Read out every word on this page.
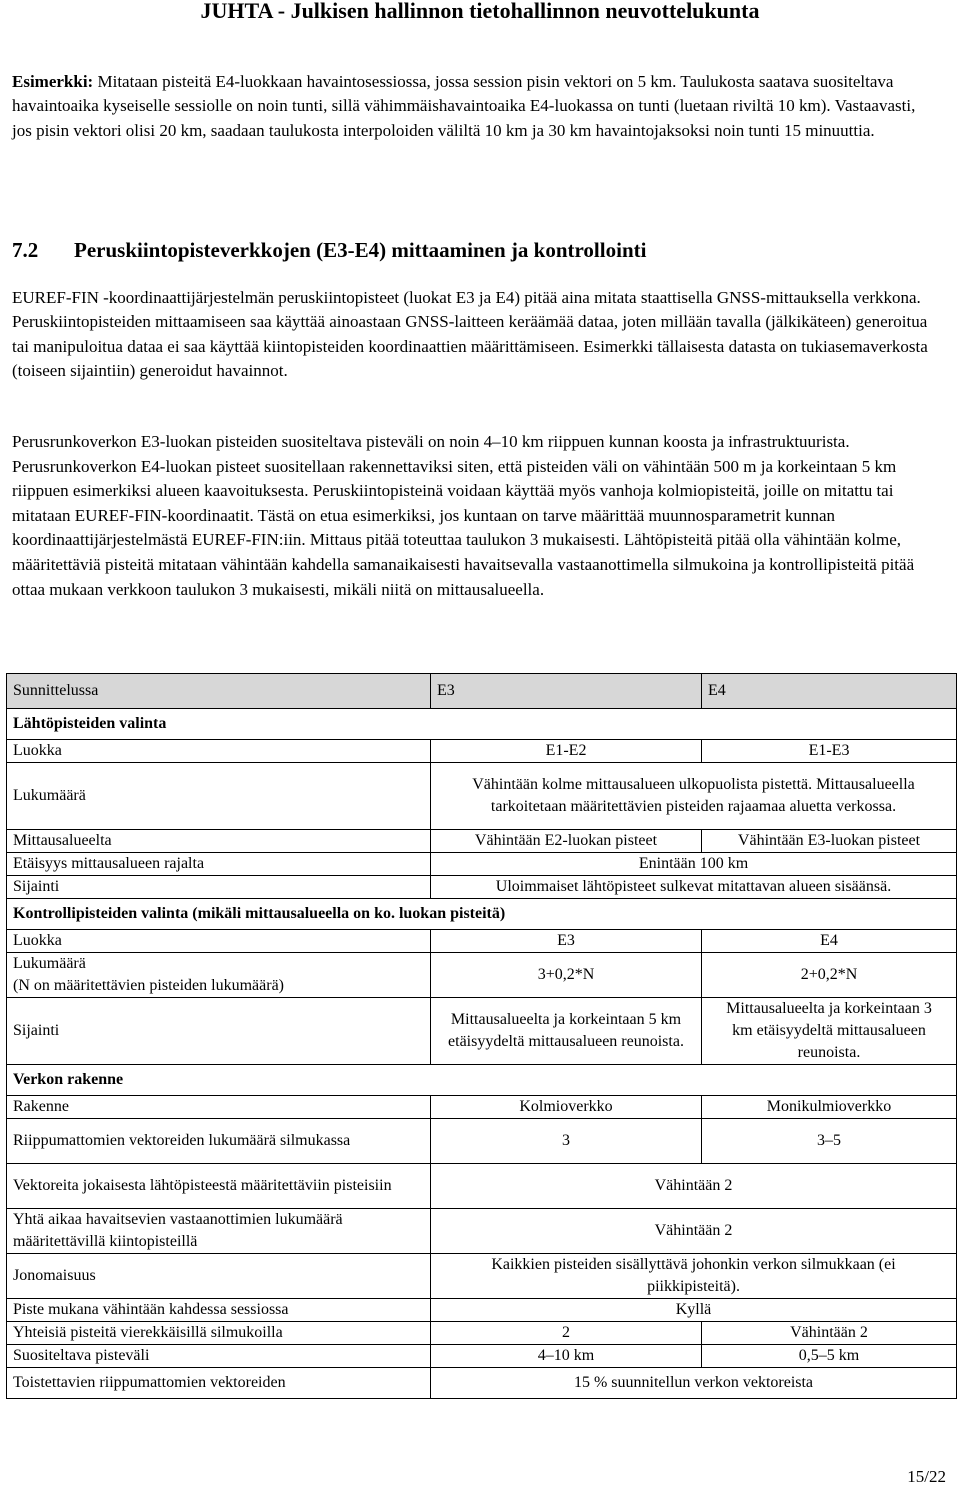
JUHTA - Julkisen hallinnon tietohallinnon neuvottelukunta
Esimerkki: Mitataan pisteitä E4-luokkaan havaintosessiossa, jossa session pisin vektori on 5 km. Taulukosta saatava suositeltava havaintoaika kyseiselle sessiolle on noin tunti, sillä vähimmäishavaintoaika E4-luokassa on tunti (luetaan riviltä 10 km). Vastaavasti, jos pisin vektori olisi 20 km, saadaan taulukosta interpoloiden väliltä 10 km ja 30 km havaintojaksoksi noin tunti 15 minuuttia.
7.2 Peruskiintopisteverkkojen (E3-E4) mittaaminen ja kontrollointi
EUREF-FIN -koordinaattijärjestelmän peruskiintopisteet (luokat E3 ja E4) pitää aina mitata staattisella GNSS-mittauksella verkkona. Peruskiintopisteiden mittaamiseen saa käyttää ainoastaan GNSS-laitteen keräämää dataa, joten millään tavalla (jälkikäteen) generoitua tai manipuloitua dataa ei saa käyttää kiintopisteiden koordinaattien määrittämiseen. Esimerkki tällaisesta datasta on tukiasemaverkosta (toiseen sijaintiin) generoidut havainnot.
Perusrunkoverkon E3-luokan pisteiden suositeltava pisteväli on noin 4–10 km riippuen kunnan koosta ja infrastruktuurista. Perusrunkoverkon E4-luokan pisteet suositellaan rakennettaviksi siten, että pisteiden väli on vähintään 500 m ja korkeintaan 5 km riippuen esimerkiksi alueen kaavoituksesta. Peruskiintopisteinä voidaan käyttää myös vanhoja kolmiopisteitä, joille on mitattu tai mitataan EUREF-FIN-koordinaatit. Tästä on etua esimerkiksi, jos kuntaan on tarve määrittää muunnosparametrit kunnan koordinaattijärjestelmästä EUREF-FIN:iin. Mittaus pitää toteuttaa taulukon 3 mukaisesti. Lähtöpisteitä pitää olla vähintään kolme, määritettäviä pisteitä mitataan vähintään kahdella samanaikaisesti havaitsevalla vastaanottimella silmukoina ja kontrollipisteitä pitää ottaa mukaan verkkoon taulukon 3 mukaisesti, mikäli niitä on mittausalueella.
Sunnittelussa	E3	E4
Lähtöpisteiden valinta		
Luokka	E1-E2	E1-E3
Lukumäärä	Vähintään kolme mittausalueen ulkopuolista pistettä. Mittausalueella tarkoitetaan määritettävien pisteiden rajaamaa aluetta verkossa.	
Mittausalueelta	Vähintään E2-luokan pisteet	Vähintään E3-luokan pisteet
Etäisyys mittausalueen rajalta	Enintään 100 km	
Sijainti	Uloimmaiset lähtöpisteet sulkevat mitattavan alueen sisäänsä.	
Kontrollipisteiden valinta (mikäli mittausalueella on ko. luokan pisteitä)		
Luokka	E3	E4
Lukumäärä
(N on määritettävien pisteiden lukumäärä)	3+0,2*N	2+0,2*N
Sijainti	Mittausalueelta ja korkeintaan 5 km etäisyydeltä mittausalueen reunoista.	Mittausalueelta ja korkeintaan 3 km etäisyydeltä mittausalueen reunoista.
Verkon rakenne		
Rakenne	Kolmioverkko	Monikulmioverkko
Riippumattomien vektoreiden lukumäärä silmukassa	3	3–5
Vektoreita jokaisesta lähtöpisteestä määritettäviin pisteisiin	Vähintään 2	
Yhtä aikaa havaitsevien vastaanottimien lukumäärä määritettävillä kiintopisteillä	Vähintään 2	
Jonomaisuus	Kaikkien pisteiden sisällyttävä johonkin verkon silmukkaan (ei piikkipisteitä).	
Piste mukana vähintään kahdessa sessiossa	Kyllä	
Yhteisiä pisteitä vierekkäisillä silmukoilla	2	Vähintään 2
Suositeltava pisteväli	4–10 km	0,5–5 km
Toistettavien riippumattomien vektoreiden	15 % suunnitellun verkon vektoreista	
15/22
